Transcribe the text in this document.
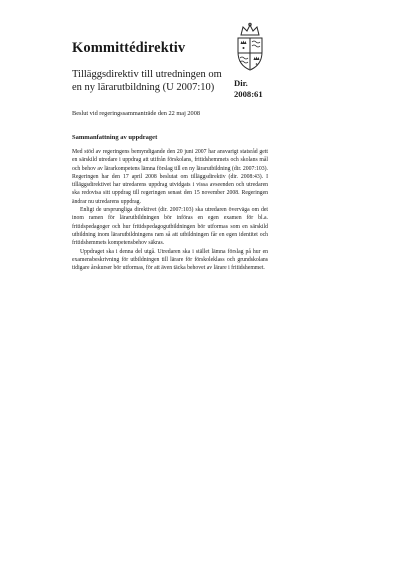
Kommittédirektiv
Tilläggsdirektiv till utredningen om en ny lärarutbildning (U 2007:10)	Dir.
2008:61
Beslut vid regeringssammanträde den 22 maj 2008
Sammanfattning av uppdraget

Med stöd av regeringens bemyndigande den 20 juni 2007 har ansvarigt statsråd gett en särskild utredare i uppdrag att utifrån förskolans, fritidshemmets och skolans mål och behov av lärarkompetens lämna förslag till en ny lärarutbildning (dir. 2007:103). Regeringen har den 17 april 2008 beslutat om tilläggsdirektiv (dir. 2008:43). I tilläggsdirektivet har utredarens uppdrag utvidgats i vissa avseenden och utredaren ska redovisa sitt uppdrag till regeringen senast den 15 november 2008. Regeringen ändrar nu utredarens uppdrag.

Enligt de ursprungliga direktivet (dir. 2007:103) ska utredaren överväga om det inom ramen för lärarutbildningen bör införas en egen examen för bl.a. fritidspedagoger och hur fritidspedagogutbildningen bör utformas som en särskild utbildning inom lärarutbildningens ram så att utbildningen får en egen identitet och fritidshemmets kompetensbehov säkras.

Uppdraget ska i denna del utgå. Utredaren ska i stället lämna förslag på hur en examensbeskrivning för utbildningen till lärare för förskoleklass och grundskolans tidigare årskurser bör utformas, för att även täcka behovet av lärare i fritidshemmet.
